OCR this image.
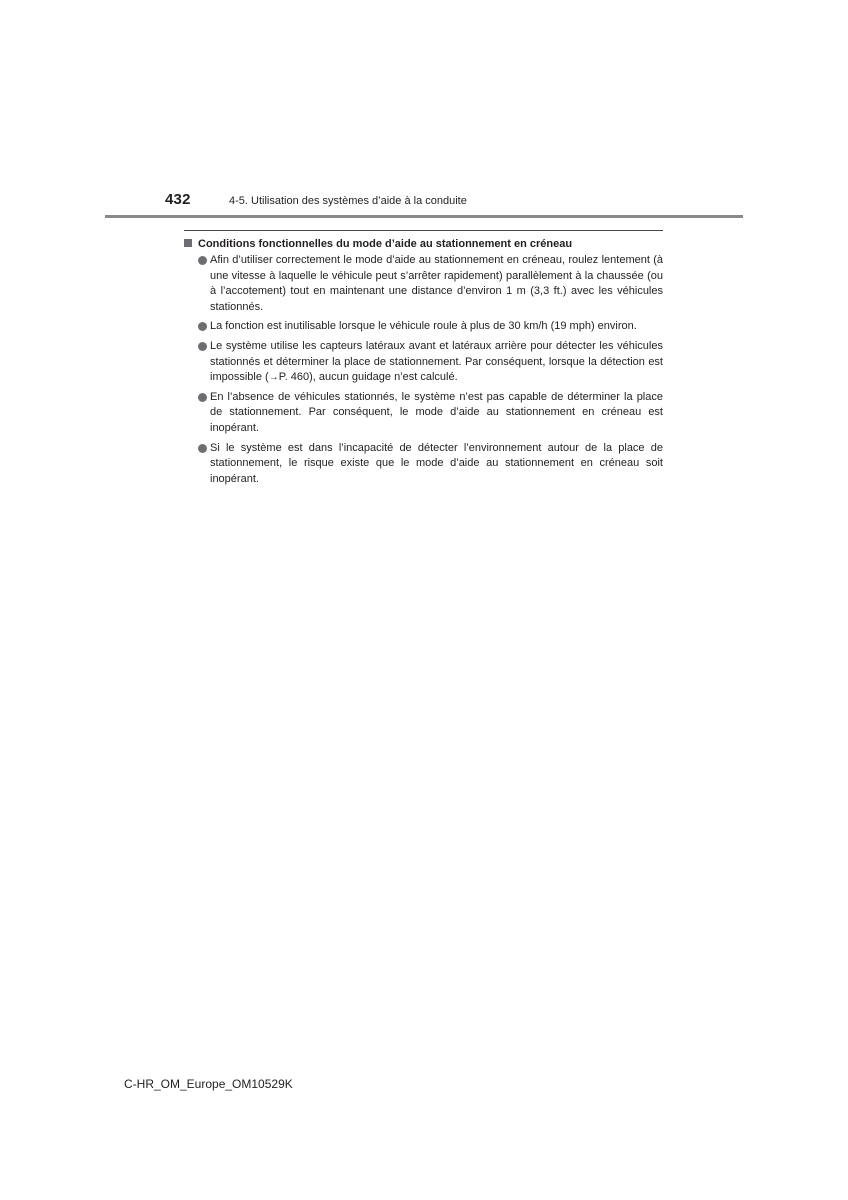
432	4-5. Utilisation des systèmes d’aide à la conduite
Conditions fonctionnelles du mode d’aide au stationnement en créneau
Afin d’utiliser correctement le mode d’aide au stationnement en créneau, roulez lentement (à une vitesse à laquelle le véhicule peut s’arrêter rapidement) parallèlement à la chaussée (ou à l’accotement) tout en maintenant une distance d’environ 1 m (3,3 ft.) avec les véhicules stationnés.
La fonction est inutilisable lorsque le véhicule roule à plus de 30 km/h (19 mph) environ.
Le système utilise les capteurs latéraux avant et latéraux arrière pour détecter les véhicules stationnés et déterminer la place de stationnement. Par conséquent, lorsque la détection est impossible (→P. 460), aucun guidage n’est calculé.
En l’absence de véhicules stationnés, le système n’est pas capable de déterminer la place de stationnement. Par conséquent, le mode d’aide au stationnement en créneau est inopérant.
Si le système est dans l’incapacité de détecter l’environnement autour de la place de stationnement, le risque existe que le mode d’aide au stationnement en créneau soit inopérant.
C-HR_OM_Europe_OM10529K
